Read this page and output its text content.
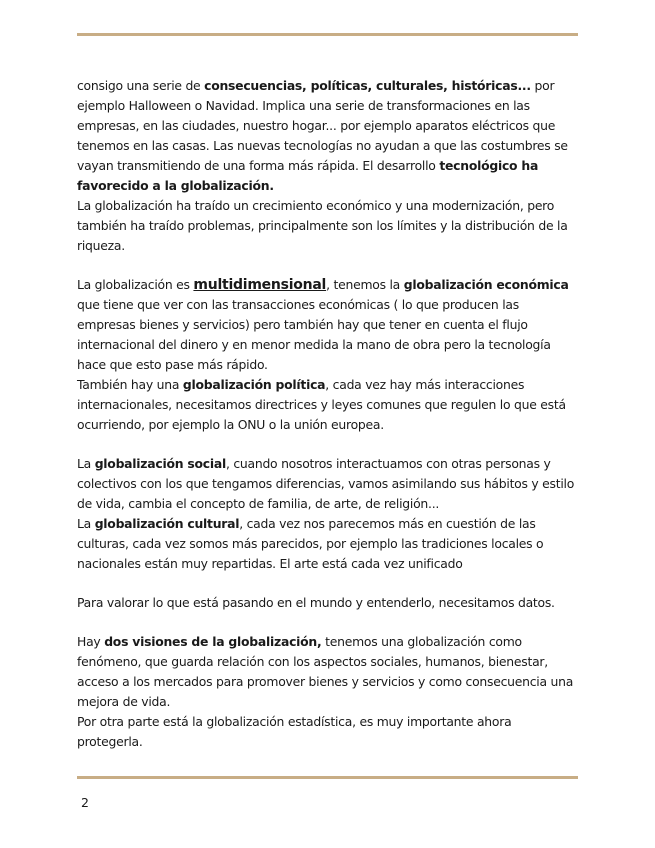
consigo una serie de consecuencias, políticas, culturales, históricas... por ejemplo Halloween o Navidad. Implica una serie de transformaciones en las empresas, en las ciudades, nuestro hogar... por ejemplo aparatos eléctricos que tenemos en las casas. Las nuevas tecnologías no ayudan a que las costumbres se vayan transmitiendo de una forma más rápida. El desarrollo tecnológico ha favorecido a la globalización.

La globalización ha traído un crecimiento económico y una modernización, pero también ha traído problemas, principalmente son los límites y la distribución de la riqueza.

La globalización es multidimensional, tenemos la globalización económica que tiene que ver con las transacciones económicas ( lo que producen las empresas bienes y servicios) pero también hay que tener en cuenta el flujo internacional del dinero y en menor medida la mano de obra pero la tecnología hace que esto pase más rápido.

También hay una globalización política, cada vez hay más interacciones internacionales, necesitamos directrices y leyes comunes que regulen lo que está ocurriendo, por ejemplo la ONU o la unión europea.

La globalización social, cuando nosotros interactuamos con otras personas y colectivos con los que tengamos diferencias, vamos asimilando sus hábitos y estilo de vida, cambia el concepto de familia, de arte, de religión...

La globalización cultural, cada vez nos parecemos más en cuestión de las culturas, cada vez somos más parecidos, por ejemplo las tradiciones locales o nacionales están muy repartidas. El arte está cada vez unificado

Para valorar lo que está pasando en el mundo y entenderlo, necesitamos datos.

Hay dos visiones de la globalización, tenemos una globalización como fenómeno, que guarda relación con los aspectos sociales, humanos, bienestar, acceso a los mercados para promover bienes y servicios y como consecuencia una mejora de vida.

Por otra parte está la globalización estadística, es muy importante ahora protegerla.

2
